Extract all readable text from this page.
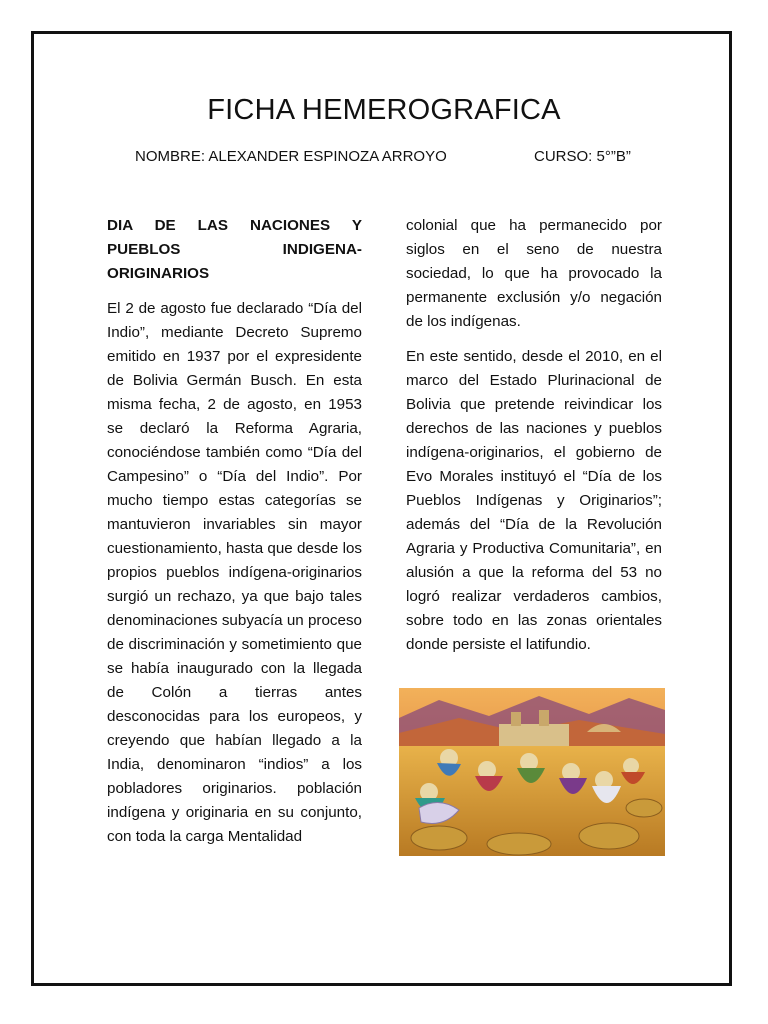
FICHA HEMEROGRAFICA
NOMBRE: ALEXANDER ESPINOZA ARROYO	CURSO: 5°”B”

DIA DE LAS NACIONES Y PUEBLOS INDIGENA-ORIGINARIOS

El 2 de agosto fue declarado “Día del Indio”, mediante Decreto Supremo emitido en 1937 por el expresidente de Bolivia Germán Busch. En esta misma fecha, 2 de agosto, en 1953 se declaró la Reforma Agraria, conociéndose también como “Día del Campesino” o “Día del Indio”. Por mucho tiempo estas categorías se mantuvieron invariables sin mayor cuestionamiento, hasta que desde los propios pueblos indígena-originarios surgió un rechazo, ya que bajo tales denominaciones subyacía un proceso de discriminación y sometimiento que se había inaugurado con la llegada de Colón a tierras antes desconocidas para los europeos, y creyendo que habían llegado a la India, denominaron “indios” a los pobladores originarios. población indígena y originaria en su conjunto, con toda la carga Mentalidad

colonial que ha permanecido por siglos en el seno de nuestra sociedad, lo que ha provocado la permanente exclusión y/o negación de los indígenas.

En este sentido, desde el 2010, en el marco del Estado Plurinacional de Bolivia que pretende reivindicar los derechos de las naciones y pueblos indígena-originarios, el gobierno de Evo Morales instituyó el “Día de los Pueblos Indígenas y Originarios”; además del “Día de la Revolución Agraria y Productiva Comunitaria”, en alusión a que la reforma del 53 no logró realizar verdaderos cambios, sobre todo en las zonas orientales donde persiste el latifundio.
